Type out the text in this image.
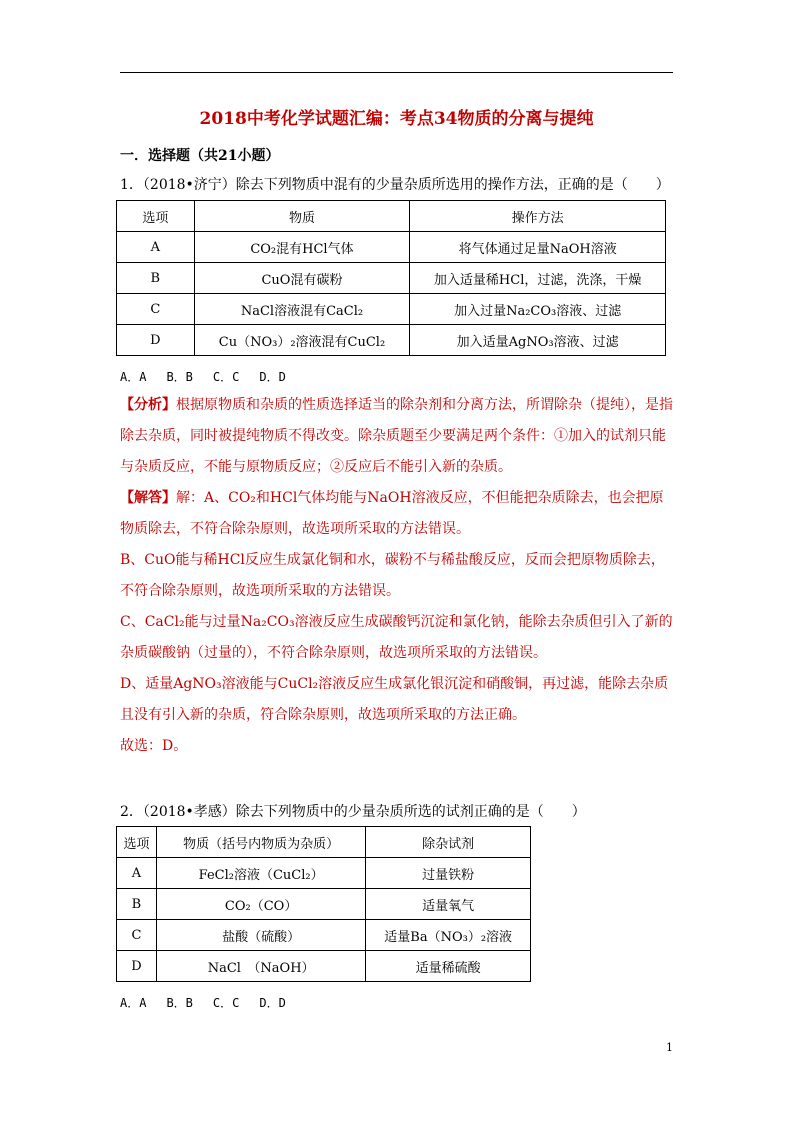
2018中考化学试题汇编：考点34物质的分离与提纯
一．选择题（共21小题）
1．（2018•济宁）除去下列物质中混有的少量杂质所选用的操作方法，正确的是（　　）
选项	物质	操作方法
A	CO₂混有HCl气体	将气体通过足量NaOH溶液
B	CuO混有碳粉	加入适量稀HCl，过滤，洗涤，干燥
C	NaCl溶液混有CaCl₂	加入过量Na₂CO₃溶液、过滤
D	Cu（NO₃）₂溶液混有CuCl₂	加入适量AgNO₃溶液、过滤
A．A B．B C．C D．D

【分析】根据原物质和杂质的性质选择适当的除杂剂和分离方法，所谓除杂（提纯），是指除去杂质，同时被提纯物质不得改变。除杂质题至少要满足两个条件：①加入的试剂只能与杂质反应，不能与原物质反应；②反应后不能引入新的杂质。

【解答】解：A、CO₂和HCl气体均能与NaOH溶液反应，不但能把杂质除去，也会把原物质除去，不符合除杂原则，故选项所采取的方法错误。

B、CuO能与稀HCl反应生成氯化铜和水，碳粉不与稀盐酸反应，反而会把原物质除去，不符合除杂原则，故选项所采取的方法错误。

C、CaCl₂能与过量Na₂CO₃溶液反应生成碳酸钙沉淀和氯化钠，能除去杂质但引入了新的杂质碳酸钠（过量的），不符合除杂原则，故选项所采取的方法错误。

D、适量AgNO₃溶液能与CuCl₂溶液反应生成氯化银沉淀和硝酸铜，再过滤，能除去杂质且没有引入新的杂质，符合除杂原则，故选项所采取的方法正确。

故选：D。

2．（2018•孝感）除去下列物质中的少量杂质所选的试剂正确的是（　　）
选项	物质（括号内物质为杂质）	除杂试剂
A	FeCl₂溶液（CuCl₂）	过量铁粉
B	CO₂（CO）	适量氧气
C	盐酸（硫酸）	适量Ba（NO₃）₂溶液
D	NaCl　（NaOH）	适量稀硫酸
A．A B．B C．C D．D
1
